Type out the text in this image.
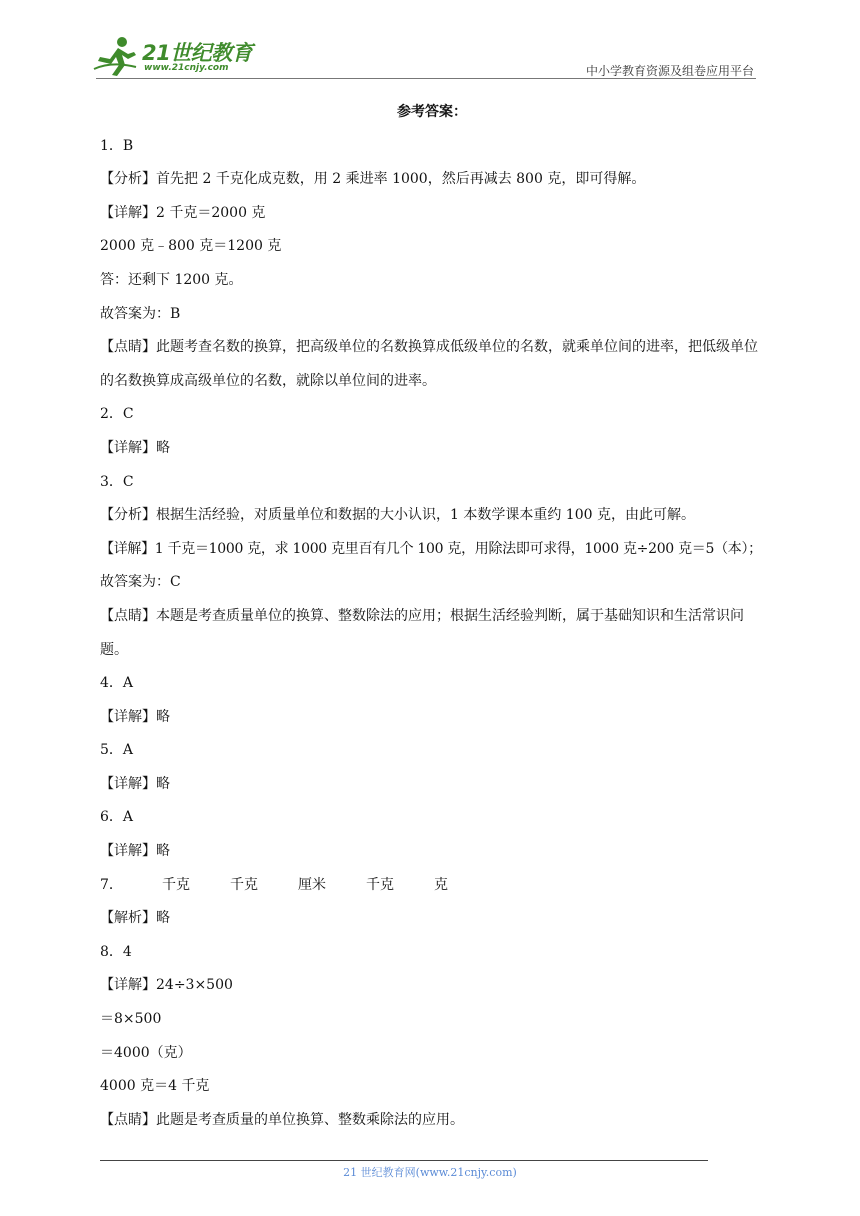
21世纪教育
www.21cnjy.com	中小学教育资源及组卷应用平台
参考答案：
1．B
【分析】首先把 2 千克化成克数，用 2 乘进率 1000，然后再减去 800 克，即可得解。
【详解】2 千克＝2000 克
2000 克﹣800 克＝1200 克
答：还剩下 1200 克。
故答案为：B
【点睛】此题考查名数的换算，把高级单位的名数换算成低级单位的名数，就乘单位间的进率，把低级单位的名数换算成高级单位的名数，就除以单位间的进率。
2．C
【详解】略
3．C
【分析】根据生活经验，对质量单位和数据的大小认识，1 本数学课本重约 100 克，由此可解。
【详解】1 千克＝1000 克，求 1000 克里百有几个 100 克，用除法即可求得，1000 克÷200 克＝5（本）；
故答案为：C
【点睛】本题是考查质量单位的换算、整数除法的应用；根据生活经验判断，属于基础知识和生活常识问题。
4．A
【详解】略
5．A
【详解】略
6．A
【详解】略
7．	千克	千克	厘米	千克	克
【解析】略
8．4
【详解】24÷3×500
＝8×500
＝4000（克）
4000 克＝4 千克
【点睛】此题是考查质量的单位换算、整数乘除法的应用。
21 世纪教育网(www.21cnjy.com)
